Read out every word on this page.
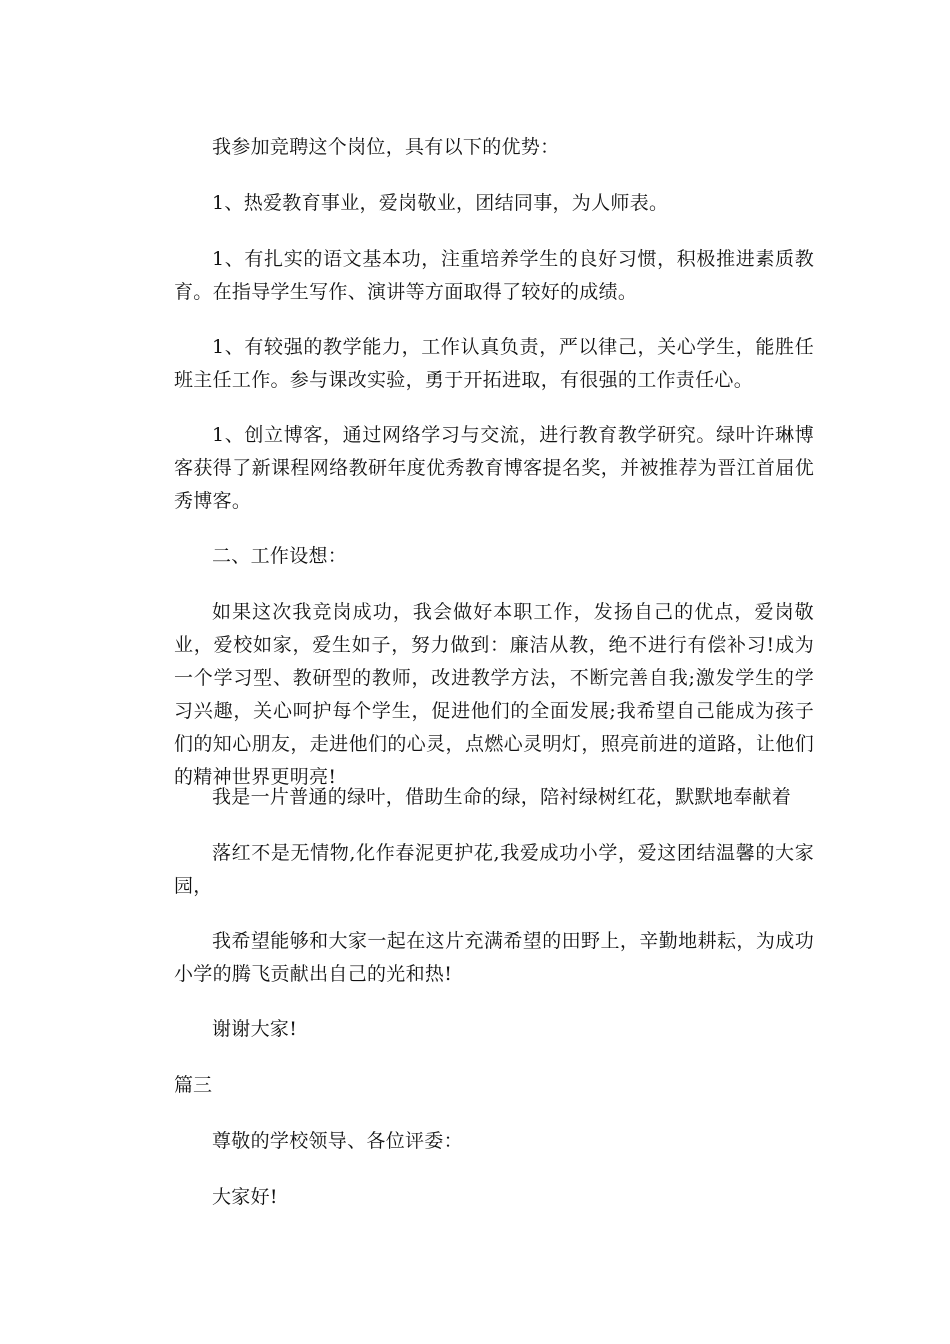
我参加竞聘这个岗位，具有以下的优势：

1、热爱教育事业，爱岗敬业，团结同事，为人师表。

1、有扎实的语文基本功，注重培养学生的良好习惯，积极推进素质教育。在指导学生写作、演讲等方面取得了较好的成绩。

1、有较强的教学能力，工作认真负责，严以律己，关心学生，能胜任班主任工作。参与课改实验，勇于开拓进取，有很强的工作责任心。

1、创立博客，通过网络学习与交流，进行教育教学研究。绿叶许琳博客获得了新课程网络教研年度优秀教育博客提名奖，并被推荐为晋江首届优秀博客。

二、工作设想：

如果这次我竞岗成功，我会做好本职工作，发扬自己的优点，爱岗敬业，爱校如家，爱生如子，努力做到：廉洁从教，绝不进行有偿补习!成为一个学习型、教研型的教师，改进教学方法，不断完善自我;激发学生的学习兴趣，关心呵护每个学生，促进他们的全面发展;我希望自己能成为孩子们的知心朋友，走进他们的心灵，点燃心灵明灯，照亮前进的道路，让他们的精神世界更明亮!

我是一片普通的绿叶，借助生命的绿，陪衬绿树红花，默默地奉献着

落红不是无情物,化作春泥更护花,我爱成功小学，爱这团结温馨的大家园，

我希望能够和大家一起在这片充满希望的田野上，辛勤地耕耘，为成功小学的腾飞贡献出自己的光和热!

谢谢大家!

篇三

尊敬的学校领导、各位评委：

大家好!
